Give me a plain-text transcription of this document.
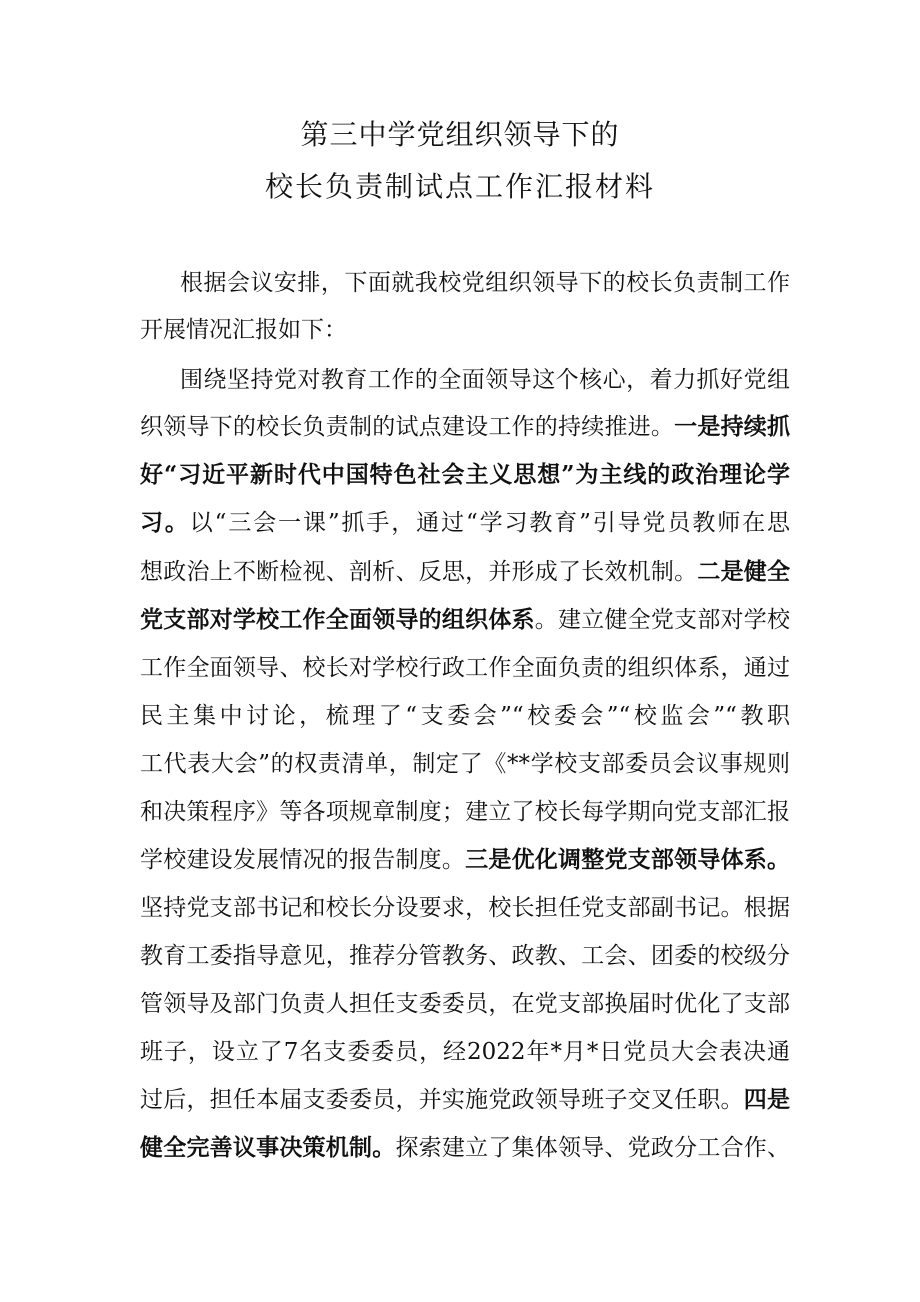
第三中学党组织领导下的
校长负责制试点工作汇报材料
根据会议安排，下面就我校党组织领导下的校长负责制工作
开展情况汇报如下：
围绕坚持党对教育工作的全面领导这个核心，着力抓好党组
织领导下的校长负责制的试点建设工作的持续推进。一是持续抓
好“习近平新时代中国特色社会主义思想”为主线的政治理论学
习。以“三会一课”抓手，通过“学习教育”引导党员教师在思
想政治上不断检视、剖析、反思，并形成了长效机制。二是健全
党支部对学校工作全面领导的组织体系。建立健全党支部对学校
工作全面领导、校长对学校行政工作全面负责的组织体系，通过
民主集中讨论，梳理了“支委会”“校委会”“校监会”“教职
工代表大会”的权责清单，制定了《**学校支部委员会议事规则
和决策程序》等各项规章制度；建立了校长每学期向党支部汇报
学校建设发展情况的报告制度。三是优化调整党支部领导体系。
坚持党支部书记和校长分设要求，校长担任党支部副书记。根据
教育工委指导意见，推荐分管教务、政教、工会、团委的校级分
管领导及部门负责人担任支委委员，在党支部换届时优化了支部
班子，设立了7名支委委员，经2022年*月*日党员大会表决通
过后，担任本届支委委员，并实施党政领导班子交叉任职。四是
健全完善议事决策机制。探索建立了集体领导、党政分工合作、
